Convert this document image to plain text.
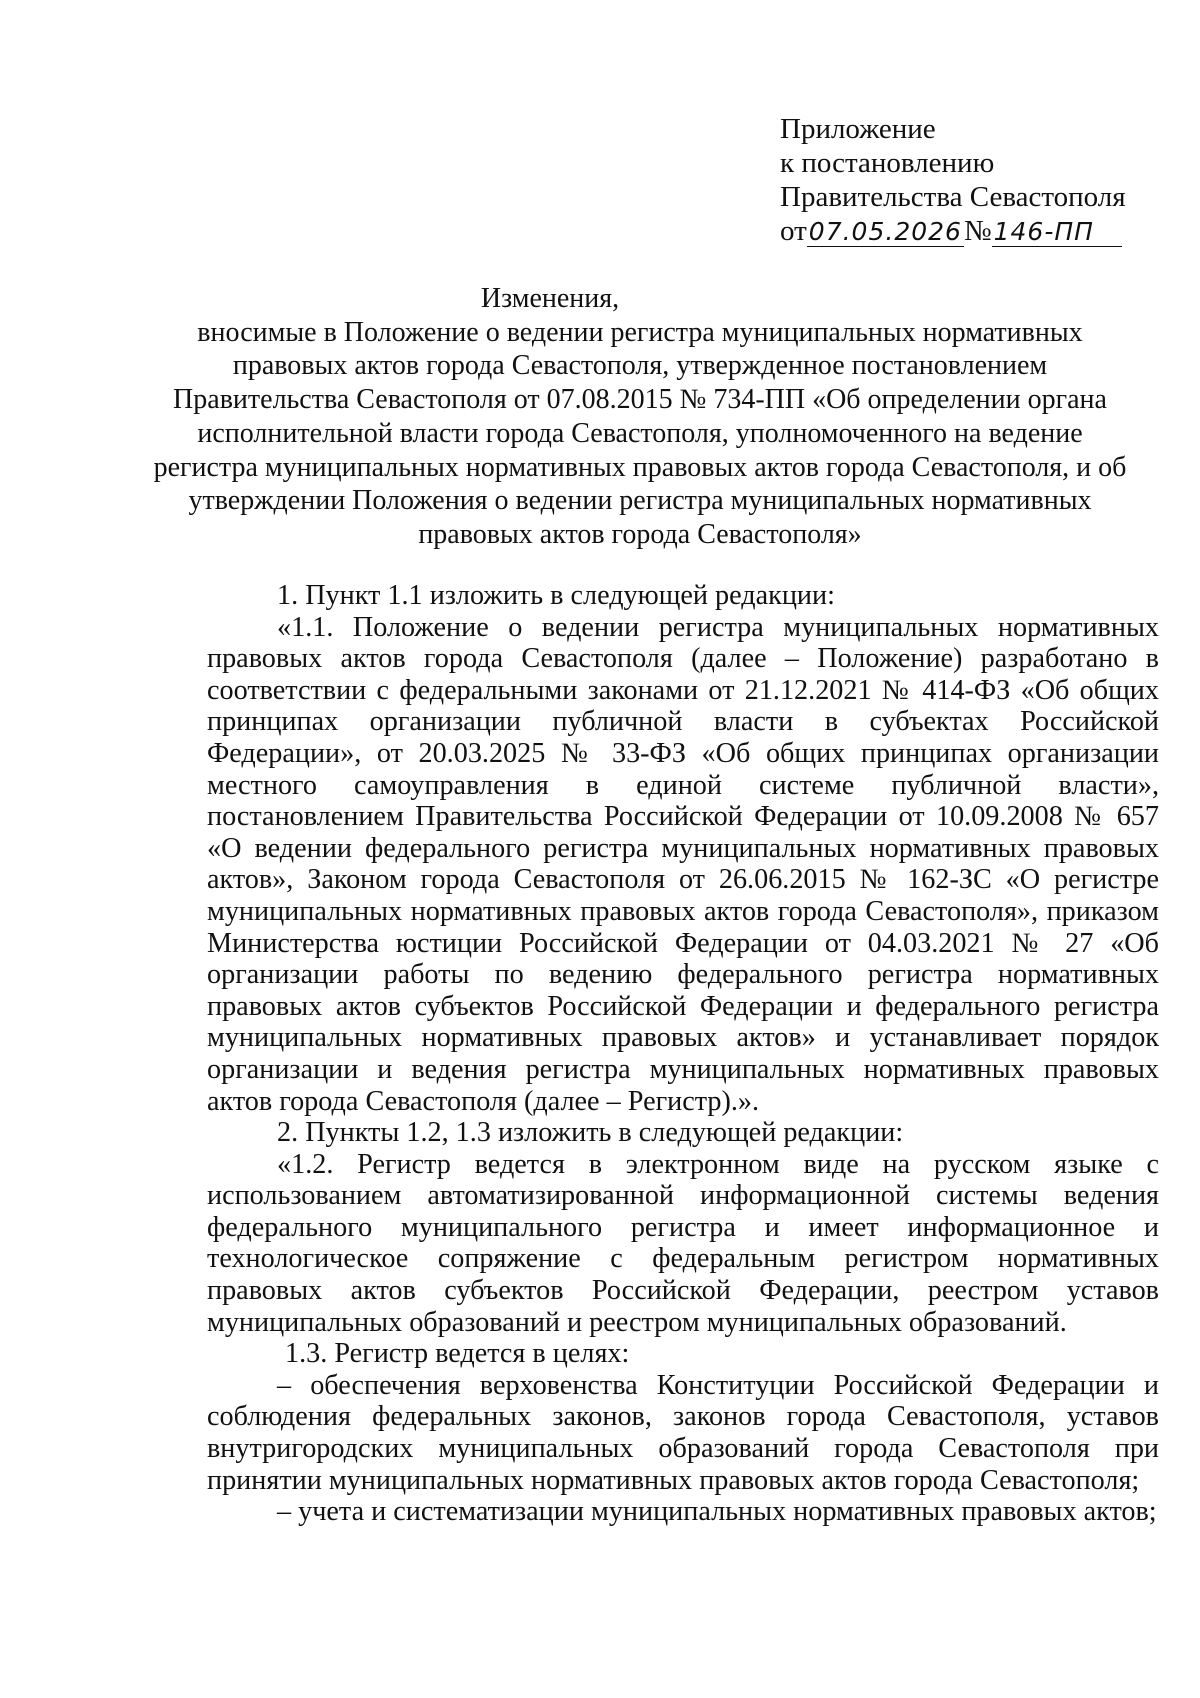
Приложение
к постановлению
Правительства Севастополя
от07.05.2026№146-ПП
Изменения,
вносимые в Положение о ведении регистра муниципальных нормативных правовых актов города Севастополя, утвержденное постановлением Правительства Севастополя от 07.08.2015 № 734-ПП «Об определении органа исполнительной власти города Севастополя, уполномоченного на ведение регистра муниципальных нормативных правовых актов города Севастополя, и об утверждении Положения о ведении регистра муниципальных нормативных правовых актов города Севастополя»

1. Пункт 1.1 изложить в следующей редакции:

«1.1. Положение о ведении регистра муниципальных нормативных правовых актов города Севастополя (далее – Положение) разработано в соответствии с федеральными законами от 21.12.2021 № 414-ФЗ «Об общих принципах организации публичной власти в субъектах Российской Федерации», от 20.03.2025 № 33-ФЗ «Об общих принципах организации местного самоуправления в единой системе публичной власти», постановлением Правительства Российской Федерации от 10.09.2008 № 657 «О ведении федерального регистра муниципальных нормативных правовых актов», Законом города Севастополя от 26.06.2015 № 162-ЗС «О регистре муниципальных нормативных правовых актов города Севастополя», приказом Министерства юстиции Российской Федерации от 04.03.2021 № 27 «Об организации работы по ведению федерального регистра нормативных правовых актов субъектов Российской Федерации и федерального регистра муниципальных нормативных правовых актов» и устанавливает порядок организации и ведения регистра муниципальных нормативных правовых актов города Севастополя (далее – Регистр).».

2. Пункты 1.2, 1.3 изложить в следующей редакции:

«1.2. Регистр ведется в электронном виде на русском языке с использованием автоматизированной информационной системы ведения федерального муниципального регистра и имеет информационное и технологическое сопряжение с федеральным регистром нормативных правовых актов субъектов Российской Федерации, реестром уставов муниципальных образований и реестром муниципальных образований.

1.3. Регистр ведется в целях:

– обеспечения верховенства Конституции Российской Федерации и соблюдения федеральных законов, законов города Севастополя, уставов внутригородских муниципальных образований города Севастополя при принятии муниципальных нормативных правовых актов города Севастополя;

– учета и систематизации муниципальных нормативных правовых актов;
